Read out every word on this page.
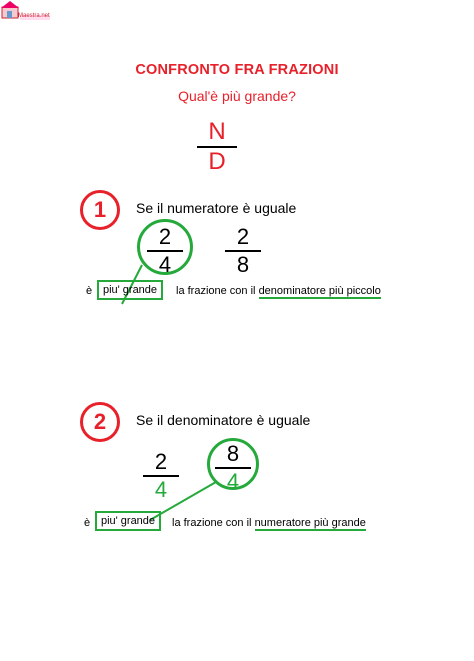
Maestra.net
CONFRONTO FRA FRAZIONI
Qual'è più grande?
N
D
1	Se il numeratore è uguale
2
4
2
8
è piu' grande	la frazione con il denominatore più piccolo
2	Se il denominatore è uguale
2
4
8
4
è piu' grande	la frazione con il numeratore più grande
